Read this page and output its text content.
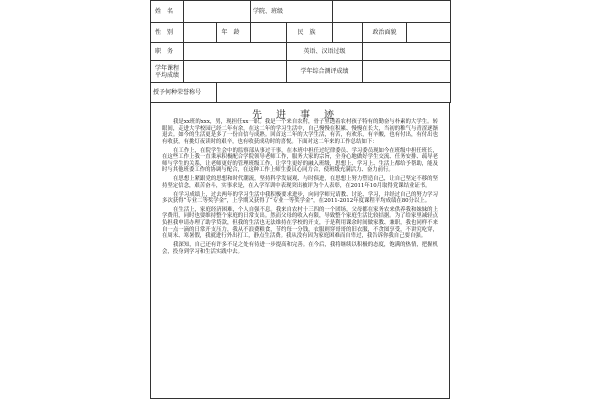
姓名			学院、班级				
性别		年龄		民族		政治面貌	
职务				英语、汉语过级			
学年课程平均成绩				学年综合测评成绩			
授予何种荣誉称号							
先进事迹

我是xx班的xxx，男，现担任xx一职。我是一个来自农村，骨子里透着农村孩子特有的勤奋与朴素的大学生。转眼间，走进大学校园已经二年有余，在这二年的学习生活中，自己慢慢在积累、慢慢在长大，当初的稚气与青涩逐渐退去。如今的生活更是多了一份自信与成熟。回首这二年的大学生活，有苦，有欢乐，有辛酸，也有付出，有付出也有收获，有挑灯夜读时的艰辛，也有收获成功时的喜悦。下面对这二年来的工作总结如下：

在工作上，在院学生会中的监察部从事过干事，在本班中担任过纪律委员、学习委员现如今在班级中担任班长，在这些工作上我一直秉承积极配合学院领导老师工作，服务大家的宗旨，全身心地做好学生交流、任务安排、疏导老师与学生的关系，让老师更好的管理班级工作，让学生更好的融入班级，思想上、学习上、生活上都给予帮助，能及时与其他班委工作的协调与配合，在这种工作上师生委员心同力合，使班级充满活力、奋力前行。

在思想上紧跟党的思想和时代潮流，坚持科学发展观、与时俱进，在思想上努力塑造自己，让自己坚定不移的坚持坚定信念，艰苦奋斗，实事求是，在入学军训中表现突出被评为个人表彰，在2011年10月取得党课结业证书。

在学习成绩上，过去两年的学习生活中我积极要求进步，向同学师兄请教、讨论、学习，并经过自己的努力学习多次获得“专业二等奖学金”，上学期又获得了“专业一等奖学金”，在2011-2012年度课程平均成绩在80分以上。

在生活上，家庭经济困难，个人自强不息。我来自农村十三四的一个团场，父母都在家务农来供养我和妹妹的上学费用，同时也要维持整个家庭的日常支出。然而父母的收入有限，导致整个家庭生活比较拮据。为了给家里减轻点负担我申请办理了助学贷款，但我的生活也无法维持在学校的开支，于是利用课余时间做家教、兼职，我也同样不来自一点一滴的日常开支压力，我从不浪费粮食，节约每一分钱，衣服则穿哥哥的旧衣服，不贪图享受，不讲究吃穿，在周末、寒暑假，我就进行外出打工，静点生活费。我从没有因为家庭困难而自卑过，我告诉你我自己要自强。

我深知，自己还有许多不足之处有待进一步提高和完善。在今后，我将继续以积极的态度，饱满的热情，把握机会，投身到学习和生活实践中去。
